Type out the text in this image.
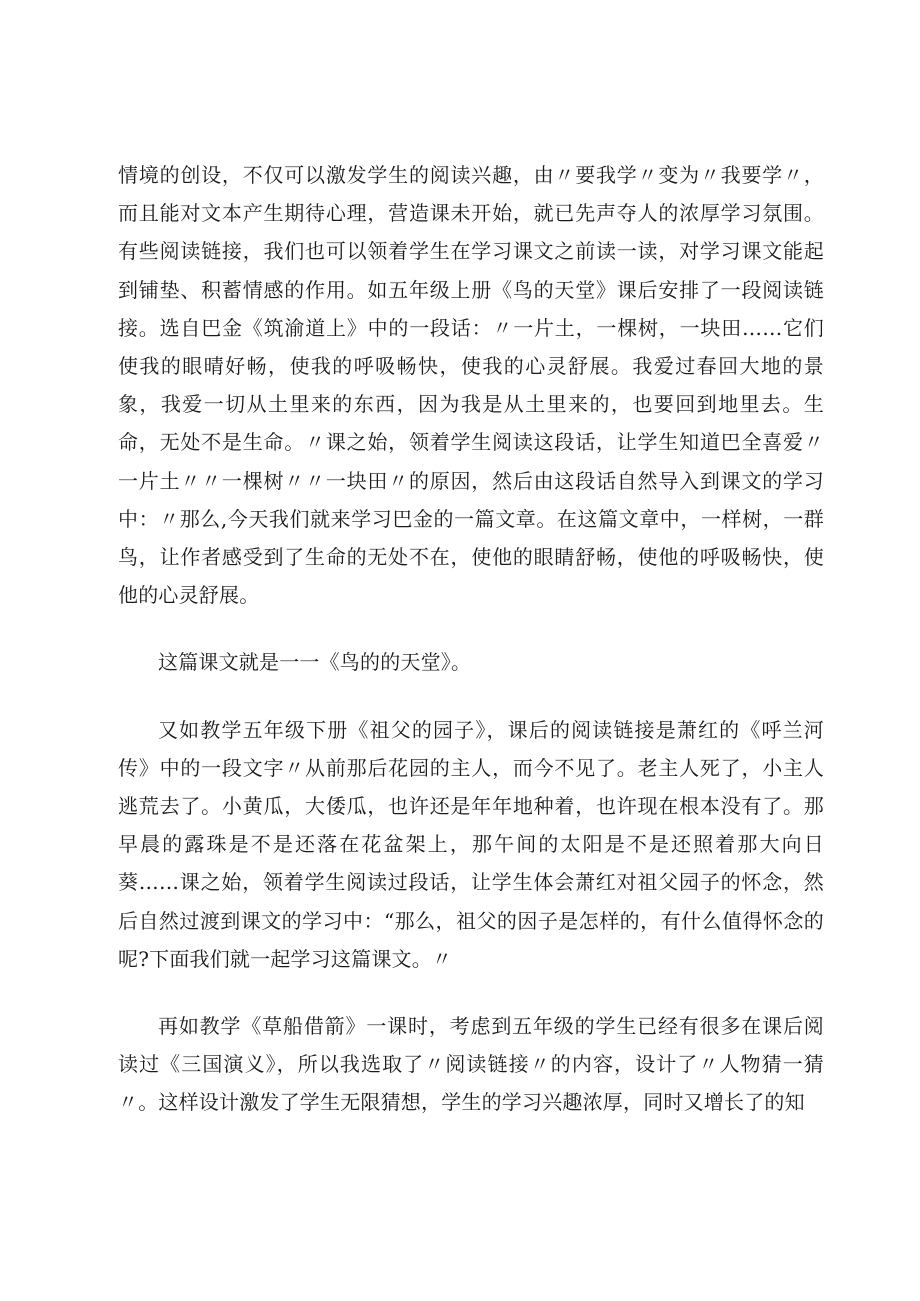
情境的创设，不仅可以激发学生的阅读兴趣，由〃要我学〃变为〃我要学〃，而且能对文本产生期待心理，营造课未开始，就已先声夺人的浓厚学习氛围。有些阅读链接，我们也可以领着学生在学习课文之前读一读，对学习课文能起到铺垫、积蓄情感的作用。如五年级上册《鸟的天堂》课后安排了一段阅读链接。选自巴金《筑渝道上》中的一段话：〃一片土，一棵树，一块田……它们使我的眼晴好畅，使我的呼吸畅快，使我的心灵舒展。我爱过春回大地的景象，我爱一切从土里来的东西，因为我是从土里来的，也要回到地里去。生命，无处不是生命。〃课之始，领着学生阅读这段话，让学生知道巴全喜爱〃一片土〃〃一棵树〃〃一块田〃的原因，然后由这段话自然导入到课文的学习中：〃那么,今天我们就来学习巴金的一篇文章。在这篇文章中，一样树，一群鸟，让作者感受到了生命的无处不在，使他的眼睛舒畅，使他的呼吸畅快，使他的心灵舒展。

这篇课文就是一一《鸟的的天堂》。

又如教学五年级下册《祖父的园子》，课后的阅读链接是萧红的《呼兰河传》中的一段文字〃从前那后花园的主人，而今不见了。老主人死了，小主人逃荒去了。小黄瓜，大倭瓜，也许还是年年地种着，也许现在根本没有了。那早晨的露珠是不是还落在花盆架上，那午间的太阳是不是还照着那大向日葵……课之始，领着学生阅读过段话，让学生体会萧红对祖父园子的怀念，然后自然过渡到课文的学习中：“那么，祖父的因子是怎样的，有什么值得怀念的呢?下面我们就一起学习这篇课文。〃

再如教学《草船借箭》一课时，考虑到五年级的学生已经有很多在课后阅读过《三国演义》，所以我选取了〃阅读链接〃的内容，设计了〃人物猜一猜〃。这样设计激发了学生无限猜想，学生的学习兴趣浓厚，同时又增长了的知
